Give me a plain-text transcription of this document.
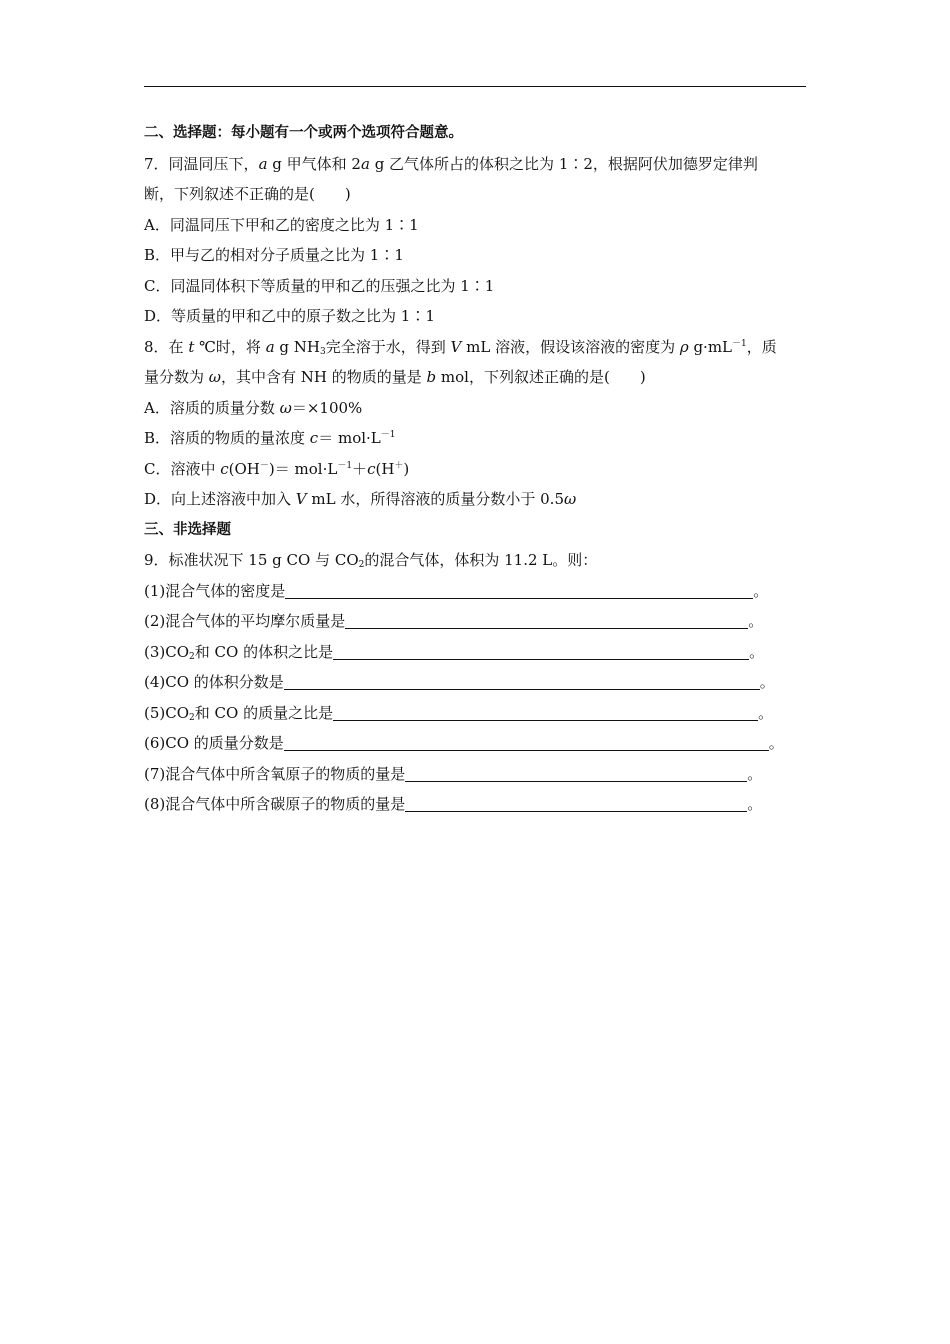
二、选择题：每小题有一个或两个选项符合题意。
7．同温同压下，a g 甲气体和 2a g 乙气体所占的体积之比为 1∶2，根据阿伏加德罗定律判
断，下列叙述不正确的是(　　)
A．同温同压下甲和乙的密度之比为 1∶1
B．甲与乙的相对分子质量之比为 1∶1
C．同温同体积下等质量的甲和乙的压强之比为 1∶1
D．等质量的甲和乙中的原子数之比为 1∶1
8．在 t ℃时，将 a g $NH_3$完全溶于水，得到 V mL 溶液，假设该溶液的密度为 ρ $g\cdot mL^{-1}$，质
量分数为 ω，其中含有 NH 的物质的量是 b mol，下列叙述正确的是(　　)
A．溶质的质量分数 ω＝×100%
B．溶质的物质的量浓度 $c= mol\cdot L^{-1}$
C．溶液中 $c(OH^-)= mol\cdot L^{-1}+c(H^+)$
D．向上述溶液中加入 V mL 水，所得溶液的质量分数小于 0.5ω
三、非选择题
9．标准状况下 15 g CO 与 $CO_2$的混合气体，体积为 11.2 L。则：
(1)混合气体的密度是	。
(2)混合气体的平均摩尔质量是	。
$(3)CO_2$和 CO 的体积之比是	。
(4)CO 的体积分数是	。
$(5)CO_2$和 CO 的质量之比是	。
(6)CO 的质量分数是	。
(7)混合气体中所含氧原子的物质的量是	。
(8)混合气体中所含碳原子的物质的量是	。
